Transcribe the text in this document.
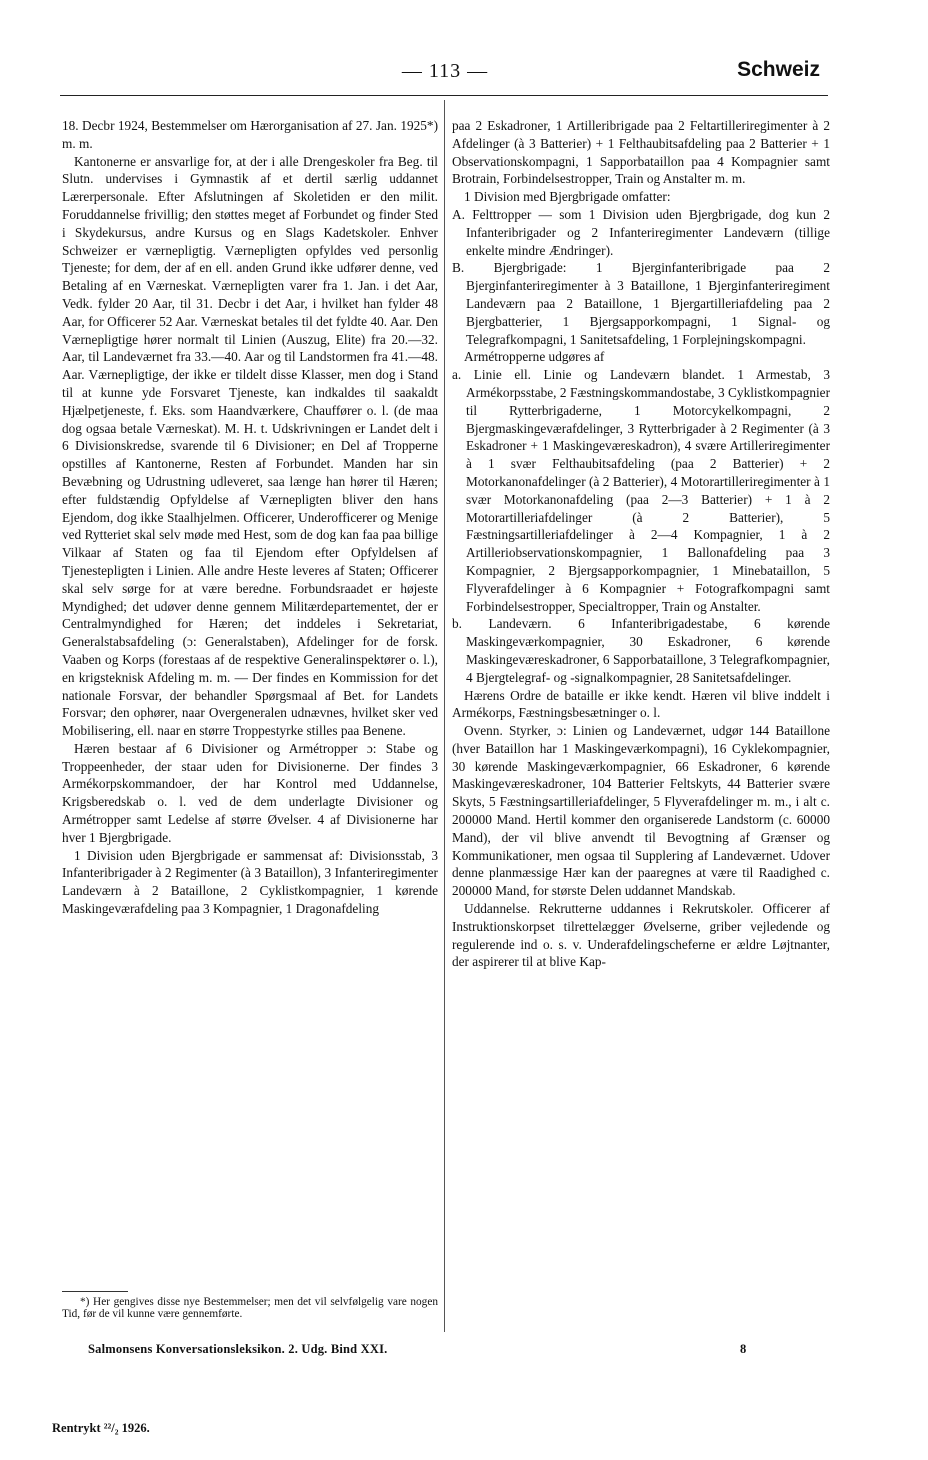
— 113 —	Schweiz

18. Decbr 1924, Bestemmelser om Hærorganisation af 27. Jan. 1925*) m. m.

Kantonerne er ansvarlige for, at der i alle Drengeskoler fra Beg. til Slutn. undervises i Gymnastik af et dertil særlig uddannet Lærerpersonale. Efter Afslutningen af Skoletiden er den milit. Foruddannelse frivillig; den støttes meget af Forbundet og finder Sted i Skydekursus, andre Kursus og en Slags Kadetskoler. Enhver Schweizer er værnepligtig. Værnepligten opfyldes ved personlig Tjeneste; for dem, der af en ell. anden Grund ikke udfører denne, ved Betaling af en Værneskat. Værnepligten varer fra 1. Jan. i det Aar, Vedk. fylder 20 Aar, til 31. Decbr i det Aar, i hvilket han fylder 48 Aar, for Officerer 52 Aar. Værneskat betales til det fyldte 40. Aar. Den Værnepligtige hører normalt til Linien (Auszug, Elite) fra 20.—32. Aar, til Landeværnet fra 33.—40. Aar og til Landstormen fra 41.—48. Aar. Værnepligtige, der ikke er tildelt disse Klasser, men dog i Stand til at kunne yde Forsvaret Tjeneste, kan indkaldes til saakaldt Hjælpetjeneste, f. Eks. som Haandværkere, Chauffører o. l. (de maa dog ogsaa betale Værneskat). M. H. t. Udskrivningen er Landet delt i 6 Divisionskredse, svarende til 6 Divisioner; en Del af Tropperne opstilles af Kantonerne, Resten af Forbundet. Manden har sin Bevæbning og Udrustning udleveret, saa længe han hører til Hæren; efter fuldstændig Opfyldelse af Værnepligten bliver den hans Ejendom, dog ikke Staalhjelmen. Officerer, Underofficerer og Menige ved Rytteriet skal selv møde med Hest, som de dog kan faa paa billige Vilkaar af Staten og faa til Ejendom efter Opfyldelsen af Tjenestepligten i Linien. Alle andre Heste leveres af Staten; Officerer skal selv sørge for at være beredne. Forbundsraadet er højeste Myndighed; det udøver denne gennem Militærdepartementet, der er Centralmyndighed for Hæren; det inddeles i Sekretariat, Generalstabsafdeling (ɔ: Generalstaben), Afdelinger for de forsk. Vaaben og Korps (forestaas af de respektive Generalinspektører o. l.), en krigsteknisk Afdeling m. m. — Der findes en Kommission for det nationale Forsvar, der behandler Spørgsmaal af Bet. for Landets Forsvar; den ophører, naar Overgeneralen udnævnes, hvilket sker ved Mobilisering, ell. naar en større Troppestyrke stilles paa Benene.

Hæren bestaar af 6 Divisioner og Armétropper ɔ: Stabe og Troppeenheder, der staar uden for Divisionerne. Der findes 3 Armékorpskommandoer, der har Kontrol med Uddannelse, Krigsberedskab o. l. ved de dem underlagte Divisioner og Armétropper samt Ledelse af større Øvelser. 4 af Divisionerne har hver 1 Bjergbrigade.

1 Division uden Bjergbrigade er sammensat af: Divisionsstab, 3 Infanteribrigader à 2 Regimenter (à 3 Bataillon), 3 Infanteriregimenter Landeværn à 2 Bataillone, 2 Cyklistkompagnier, 1 kørende Maskingeværafdeling paa 3 Kompagnier, 1 Dragonafdeling

*) Her gengives disse nye Bestemmelser; men det vil selvfølgelig vare nogen Tid, før de vil kunne være gennemførte.

paa 2 Eskadroner, 1 Artilleribrigade paa 2 Feltartilleriregimenter à 2 Afdelinger (à 3 Batterier) + 1 Felthaubitsafdeling paa 2 Batterier + 1 Observationskompagni, 1 Sapporbataillon paa 4 Kompagnier samt Brotrain, Forbindelsestropper, Train og Anstalter m. m.

1 Division med Bjergbrigade omfatter:

A. Felttropper — som 1 Division uden Bjergbrigade, dog kun 2 Infanteribrigader og 2 Infanteriregimenter Landeværn (tillige enkelte mindre Ændringer).

B. Bjergbrigade: 1 Bjerginfanteribrigade paa 2 Bjerginfanteriregimenter à 3 Bataillone, 1 Bjerginfanteriregiment Landeværn paa 2 Bataillone, 1 Bjergartilleriafdeling paa 2 Bjergbatterier, 1 Bjergsapporkompagni, 1 Signal- og Telegrafkompagni, 1 Sanitetsafdeling, 1 Forplejningskompagni.

Armétropperne udgøres af

a. Linie ell. Linie og Landeværn blandet. 1 Armestab, 3 Armékorpsstabe, 2 Fæstningskommandostabe, 3 Cyklistkompagnier til Rytterbrigaderne, 1 Motorcykelkompagni, 2 Bjergmaskingeværafdelinger, 3 Rytterbrigader à 2 Regimenter (à 3 Eskadroner + 1 Maskingeværeskadron), 4 svære Artilleriregimenter à 1 svær Felthaubitsafdeling (paa 2 Batterier) + 2 Motorkanonafdelinger (à 2 Batterier), 4 Motorartilleriregimenter à 1 svær Motorkanonafdeling (paa 2—3 Batterier) + 1 à 2 Motorartilleriafdelinger (à 2 Batterier), 5 Fæstningsartilleriafdelinger à 2—4 Kompagnier, 1 à 2 Artilleriobservationskompagnier, 1 Ballonafdeling paa 3 Kompagnier, 2 Bjergsapporkompagnier, 1 Minebataillon, 5 Flyverafdelinger à 6 Kompagnier + Fotografkompagni samt Forbindelsestropper, Specialtropper, Train og Anstalter.

b. Landeværn. 6 Infanteribrigadestabe, 6 kørende Maskingeværkompagnier, 30 Eskadroner, 6 kørende Maskingeværeskadroner, 6 Sapporbataillone, 3 Telegrafkompagnier, 4 Bjergtelegraf- og -signalkompagnier, 28 Sanitetsafdelinger.

Hærens Ordre de bataille er ikke kendt. Hæren vil blive inddelt i Armékorps, Fæstningsbesætninger o. l.

Ovenn. Styrker, ɔ: Linien og Landeværnet, udgør 144 Bataillone (hver Bataillon har 1 Maskingeværkompagni), 16 Cyklekompagnier, 30 kørende Maskingeværkompagnier, 66 Eskadroner, 6 kørende Maskingeværeskadroner, 104 Batterier Feltskyts, 44 Batterier svære Skyts, 5 Fæstningsartilleriafdelinger, 5 Flyverafdelinger m. m., i alt c. 200000 Mand. Hertil kommer den organiserede Landstorm (c. 60000 Mand), der vil blive anvendt til Bevogtning af Grænser og Kommunikationer, men ogsaa til Supplering af Landeværnet. Udover denne planmæssige Hær kan der paaregnes at være til Raadighed c. 200000 Mand, for største Delen uddannet Mandskab.

Uddannelse. Rekrutterne uddannes i Rekrutskoler. Officerer af Instruktionskorpset tilrettelægger Øvelserne, griber vejledende og regulerende ind o. s. v. Underafdelingscheferne er ældre Løjtnanter, der aspirerer til at blive Kap-

Salmonsens Konversationsleksikon. 2. Udg. Bind XXI.	8
Rentrykt ²²/₂ 1926.
